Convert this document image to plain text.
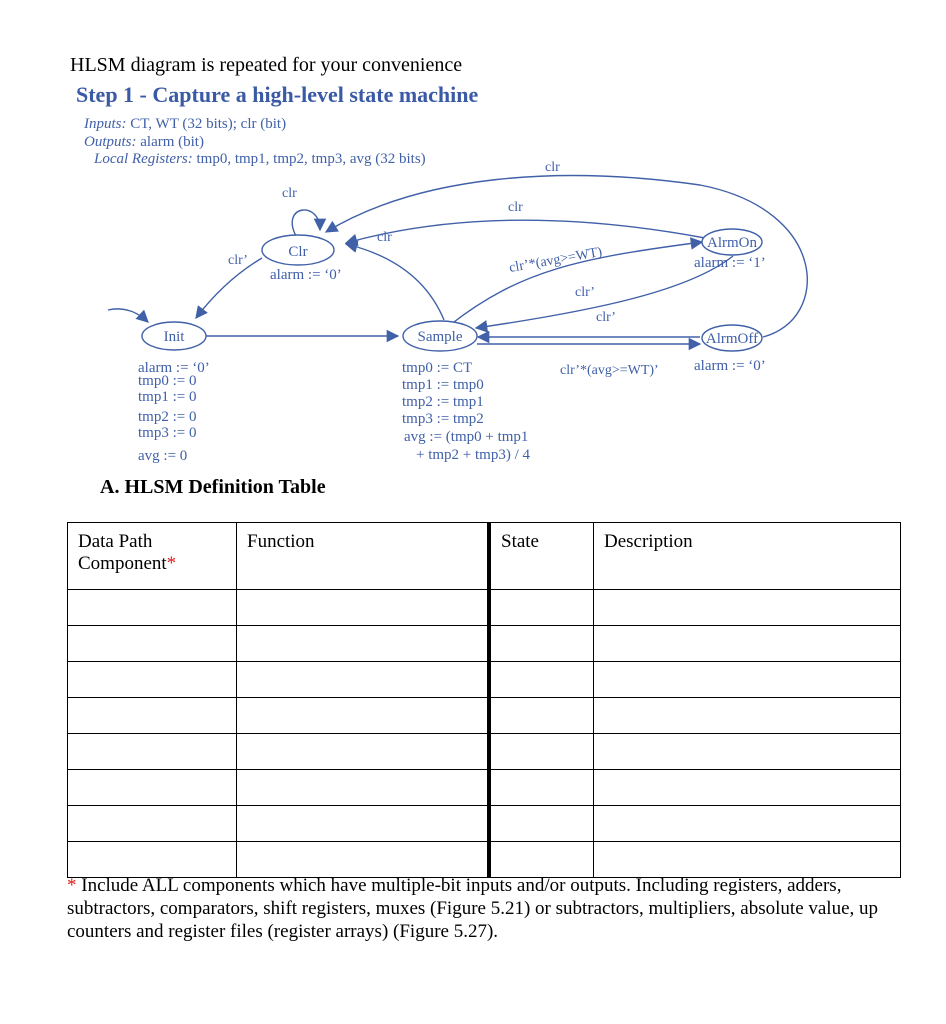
HLSM diagram is repeated for your convenience
Step 1 - Capture a high-level state machine
Inputs: CT, WT (32 bits); clr (bit)
Outputs: alarm (bit)
Local Registers: tmp0, tmp1, tmp2, tmp3, avg (32 bits)
Init
Clr
Sample
AlrmOn
AlrmOff
alarm := ‘0’
alarm := ‘1’
alarm := ‘0’
alarm := ‘0’
tmp0 := 0
tmp1 := 0
tmp2 := 0
tmp3 := 0
avg := 0
tmp0 := CT
tmp1 := tmp0
tmp2 := tmp1
tmp3 := tmp2
avg := (tmp0 + tmp1
+ tmp2 + tmp3) / 4
clr
clr’
clr
clr
clr
clr’*(avg>=WT)
clr’
clr’
clr’*(avg>=WT)’
A. HLSM Definition Table
Data Path Component*	Function	State	Description

* Include ALL components which have multiple-bit inputs and/or outputs. Including registers, adders, subtractors, comparators, shift registers, muxes (Figure 5.21) or subtractors, multipliers, absolute value, up counters and register files (register arrays) (Figure 5.27).
